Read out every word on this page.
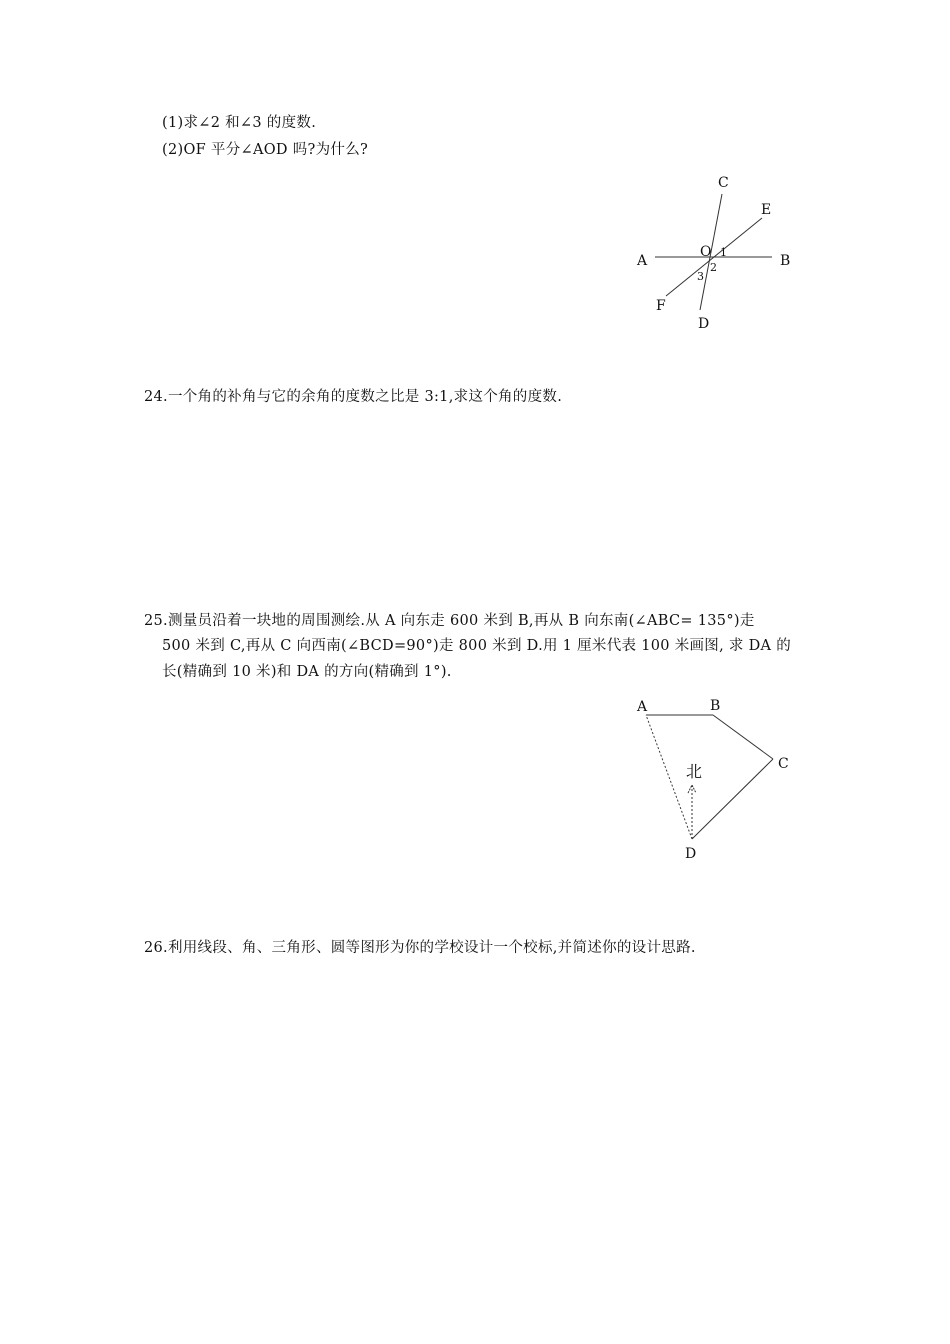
(1)求∠2 和∠3 的度数.
(2)OF 平分∠AOD 吗?为什么?
C
E
A	B
O
F
D
1
2
3
24.一个角的补角与它的余角的度数之比是 3:1,求这个角的度数.
25.测量员沿着一块地的周围测绘.从 A 向东走 600 米到 B,再从 B 向东南(∠ABC= 135°)走
500 米到 C,再从 C 向西南(∠BCD=90°)走 800 米到 D.用 1 厘米代表 100 米画图, 求 DA 的
长(精确到 10 米)和 DA 的方向(精确到 1°).
A	B
C
D
北
26.利用线段、角、三角形、圆等图形为你的学校设计一个校标,并简述你的设计思路.
